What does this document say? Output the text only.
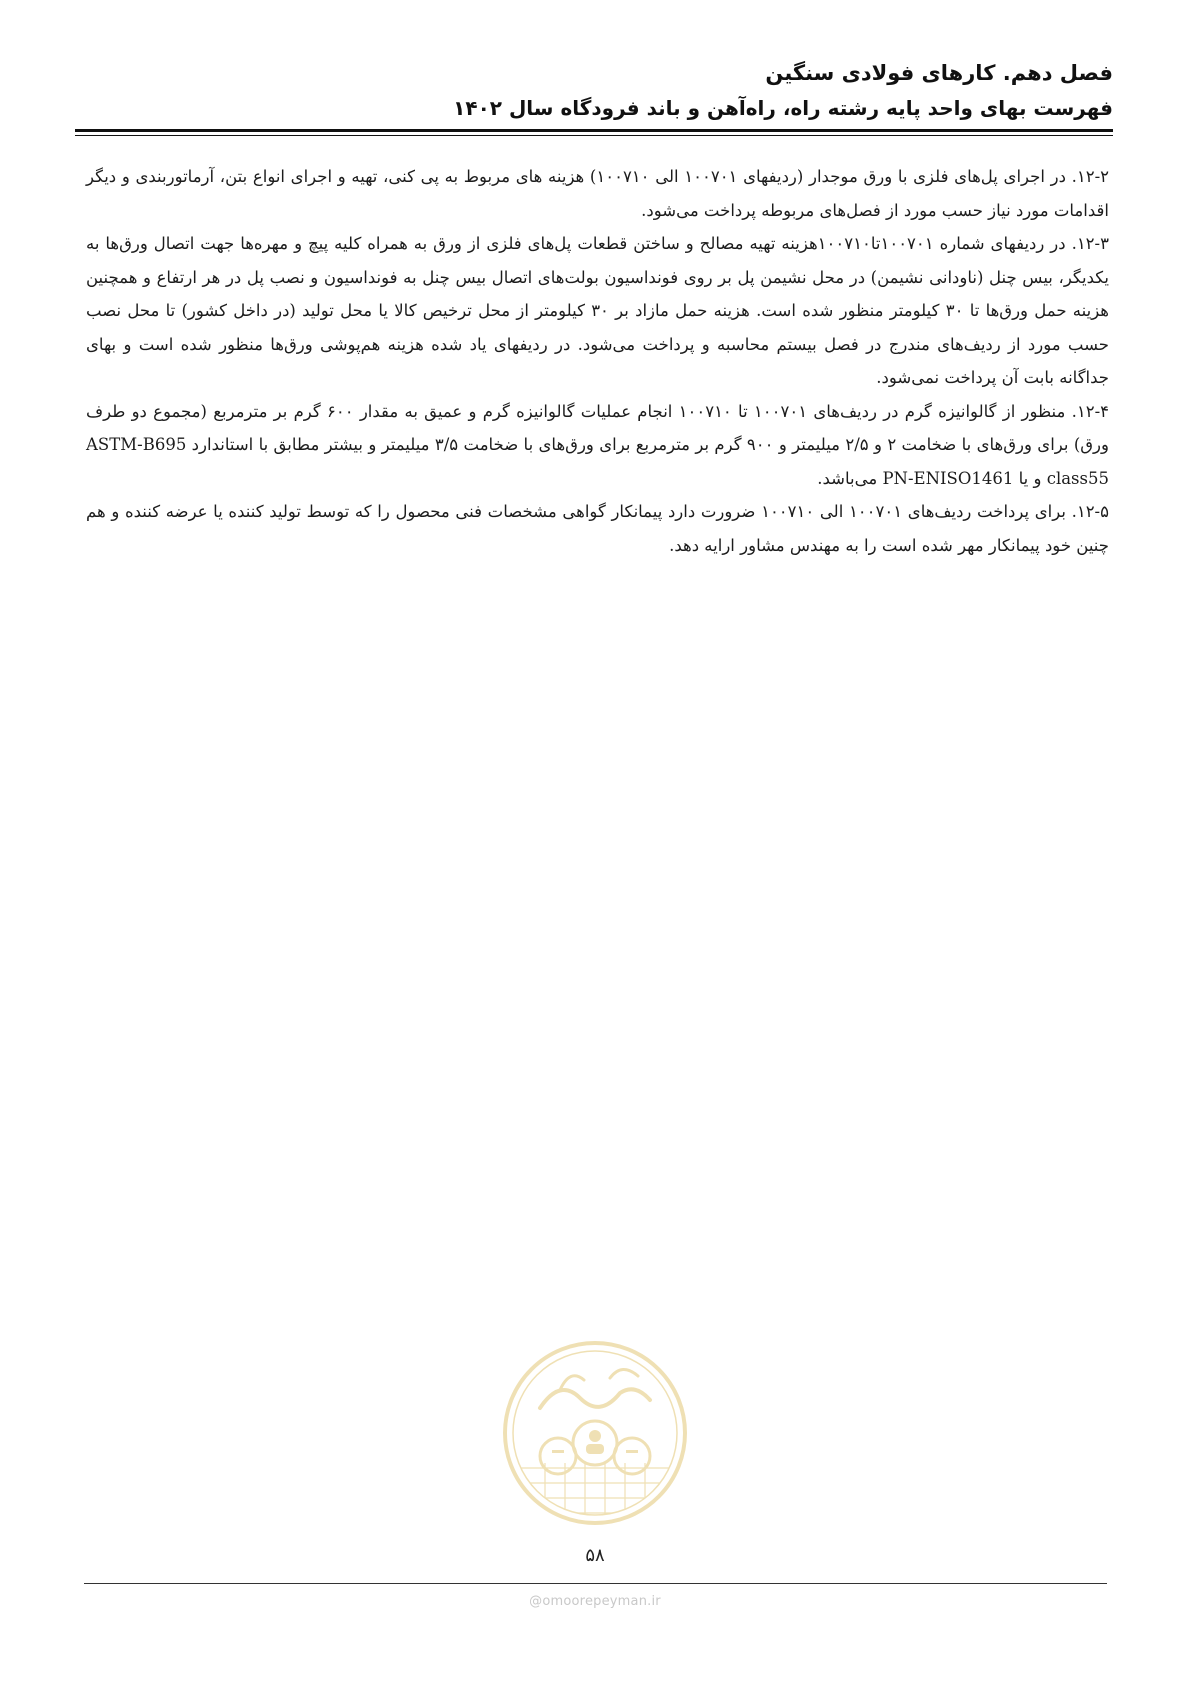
فصل دهم. کارهای فولادی سنگین
فهرست بهای واحد پایه رشته راه، راه‌آهن و باند فرودگاه سال ۱۴۰۲

۱۲-۲. در اجرای پل‌های فلزی با ورق موجدار (ردیفهای ۱۰۰۷۰۱ الی ۱۰۰۷۱۰) هزینه های مربوط به پی کنی، تهیه و اجرای انواع بتن، آرماتوربندی و دیگر اقدامات مورد نیاز حسب مورد از فصل‌های مربوطه پرداخت می‌شود.

۱۲-۳. در ردیفهای شماره ۱۰۰۷۰۱تا۱۰۰۷۱۰هزینه تهیه مصالح و ساختن قطعات پل‌های فلزی از ورق به همراه کلیه پیچ و مهره‌ها جهت اتصال ورق‌ها به یکدیگر، بیس چنل (ناودانی نشیمن) در محل نشیمن پل بر روی فونداسیون بولت‌های اتصال بیس چنل به فونداسیون و نصب پل در هر ارتفاع و همچنین هزینه حمل ورق‌ها تا ۳۰ کیلومتر منظور شده است. هزینه حمل مازاد بر ۳۰ کیلومتر از محل ترخیص کالا یا محل تولید (در داخل کشور) تا محل نصب حسب مورد از ردیف‌های مندرج در فصل بیستم محاسبه و پرداخت می‌شود. در ردیفهای یاد شده هزینه هم‌پوشی ورق‌ها منظور شده است و بهای جداگانه بابت آن پرداخت نمی‌شود.

۱۲-۴. منظور از گالوانیزه گرم در ردیف‌های ۱۰۰۷۰۱ تا ۱۰۰۷۱۰ انجام عملیات گالوانیزه گرم و عمیق به مقدار ۶۰۰ گرم بر مترمربع (مجموع دو طرف ورق) برای ورق‌های با ضخامت ۲ و ۲/۵ میلیمتر و ۹۰۰ گرم بر مترمربع برای ورق‌های با ضخامت ۳/۵ میلیمتر و بیشتر مطابق با استاندارد ASTM-B695 class55 و یا PN-ENISO1461 می‌باشد.

۱۲-۵. برای پرداخت ردیف‌های ۱۰۰۷۰۱ الی ۱۰۰۷۱۰ ضرورت دارد پیمانکار گواهی مشخصات فنی محصول را که توسط تولید کننده یا عرضه کننده و هم چنین خود پیمانکار مهر شده است را به مهندس مشاور ارایه دهد.

۵۸
@omoorepeyman.ir
